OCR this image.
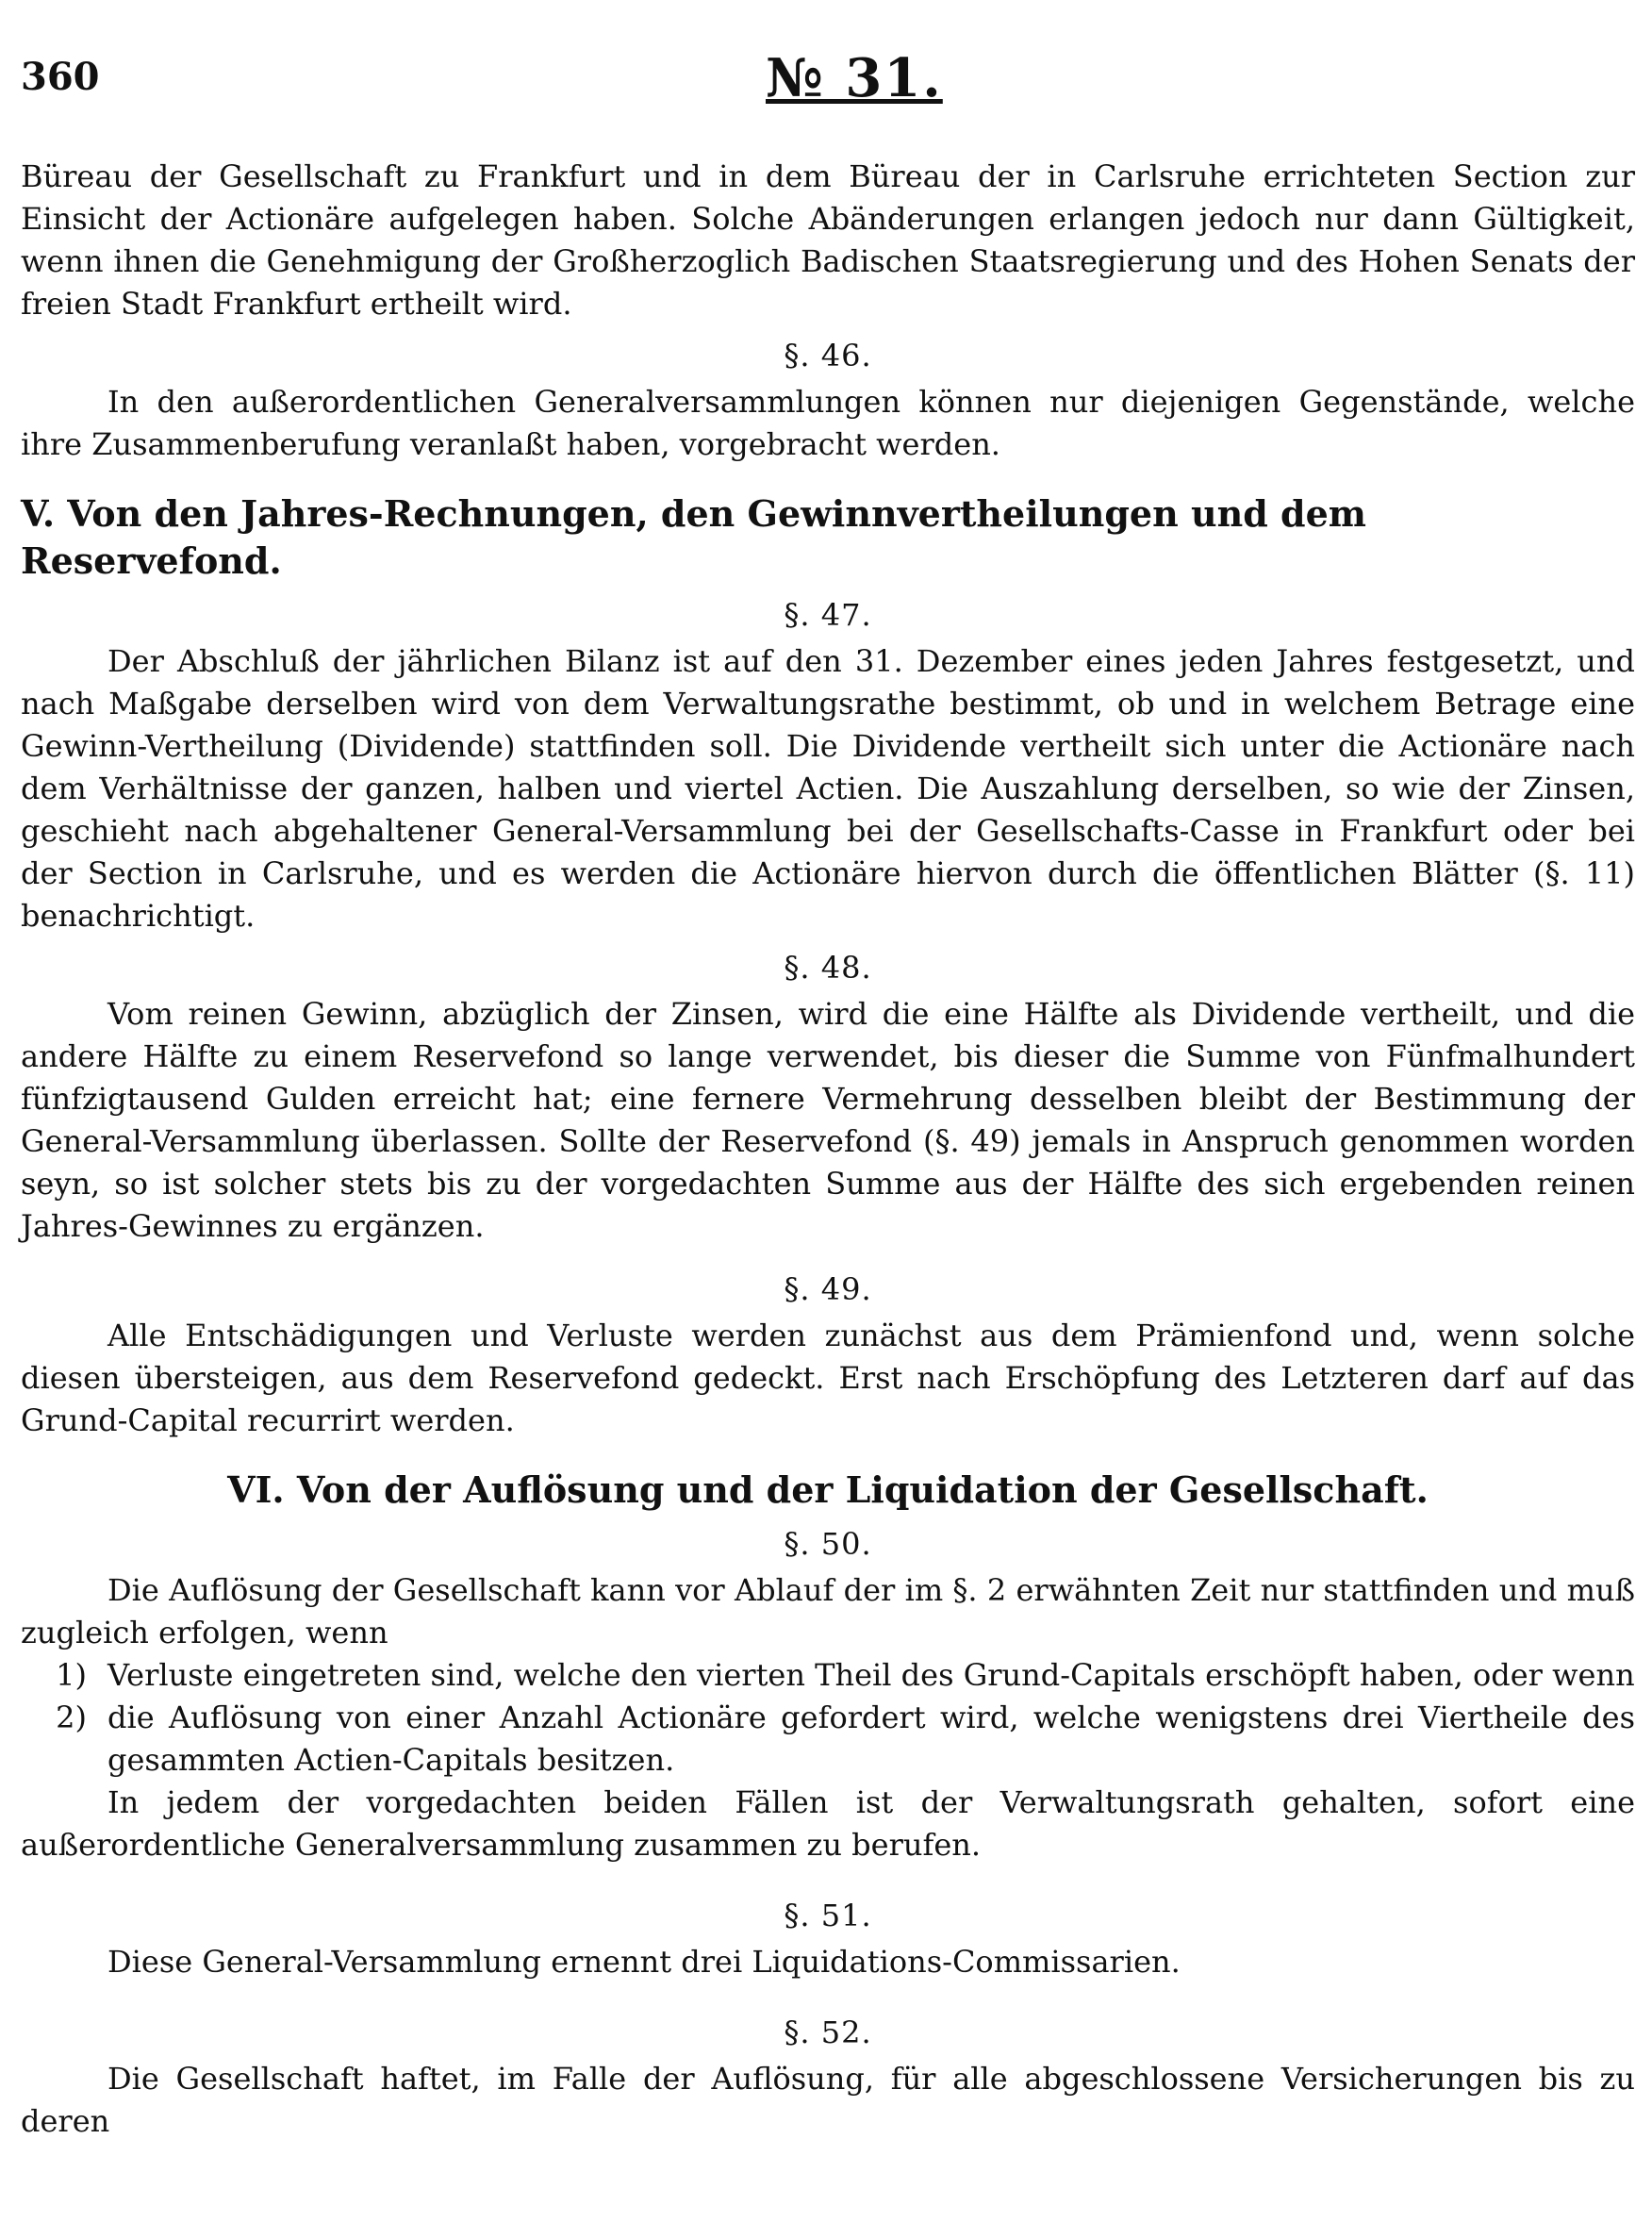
360	№ 31.

Büreau der Gesellschaft zu Frankfurt und in dem Büreau der in Carlsruhe errichteten Section zur Einsicht der Actionäre aufgelegen haben. Solche Abänderungen erlangen jedoch nur dann Gültigkeit, wenn ihnen die Genehmigung der Großherzoglich Badischen Staatsregierung und des Hohen Senats der freien Stadt Frankfurt ertheilt wird.

§. 46.

In den außerordentlichen Generalversammlungen können nur diejenigen Gegenstände, welche ihre Zusammenberufung veranlaßt haben, vorgebracht werden.

V. Von den Jahres-Rechnungen, den Gewinnvertheilungen und dem Reservefond.
§. 47.

Der Abschluß der jährlichen Bilanz ist auf den 31. Dezember eines jeden Jahres festgesetzt, und nach Maßgabe derselben wird von dem Verwaltungsrathe bestimmt, ob und in welchem Betrage eine Gewinn-Vertheilung (Dividende) stattfinden soll. Die Dividende vertheilt sich unter die Actionäre nach dem Verhältnisse der ganzen, halben und viertel Actien. Die Auszahlung derselben, so wie der Zinsen, geschieht nach abgehaltener General-Versammlung bei der Gesellschafts-Casse in Frankfurt oder bei der Section in Carlsruhe, und es werden die Actionäre hiervon durch die öffentlichen Blätter (§. 11) benachrichtigt.

§. 48.

Vom reinen Gewinn, abzüglich der Zinsen, wird die eine Hälfte als Dividende vertheilt, und die andere Hälfte zu einem Reservefond so lange verwendet, bis dieser die Summe von Fünfmalhundert fünfzigtausend Gulden erreicht hat; eine fernere Vermehrung desselben bleibt der Bestimmung der General-Versammlung überlassen. Sollte der Reservefond (§. 49) jemals in Anspruch genommen worden seyn, so ist solcher stets bis zu der vorgedachten Summe aus der Hälfte des sich ergebenden reinen Jahres-Gewinnes zu ergänzen.

§. 49.

Alle Entschädigungen und Verluste werden zunächst aus dem Prämienfond und, wenn solche diesen übersteigen, aus dem Reservefond gedeckt. Erst nach Erschöpfung des Letzteren darf auf das Grund-Capital recurrirt werden.

VI. Von der Auflösung und der Liquidation der Gesellschaft.
§. 50.

Die Auflösung der Gesellschaft kann vor Ablauf der im §. 2 erwähnten Zeit nur stattfinden und muß zugleich erfolgen, wenn

1) Verluste eingetreten sind, welche den vierten Theil des Grund-Capitals erschöpft haben, oder wenn
2) die Auflösung von einer Anzahl Actionäre gefordert wird, welche wenigstens drei Viertheile des gesammten Actien-Capitals besitzen.

In jedem der vorgedachten beiden Fällen ist der Verwaltungsrath gehalten, sofort eine außerordentliche Generalversammlung zusammen zu berufen.

§. 51.

Diese General-Versammlung ernennt drei Liquidations-Commissarien.

§. 52.

Die Gesellschaft haftet, im Falle der Auflösung, für alle abgeschlossene Versicherungen bis zu deren
